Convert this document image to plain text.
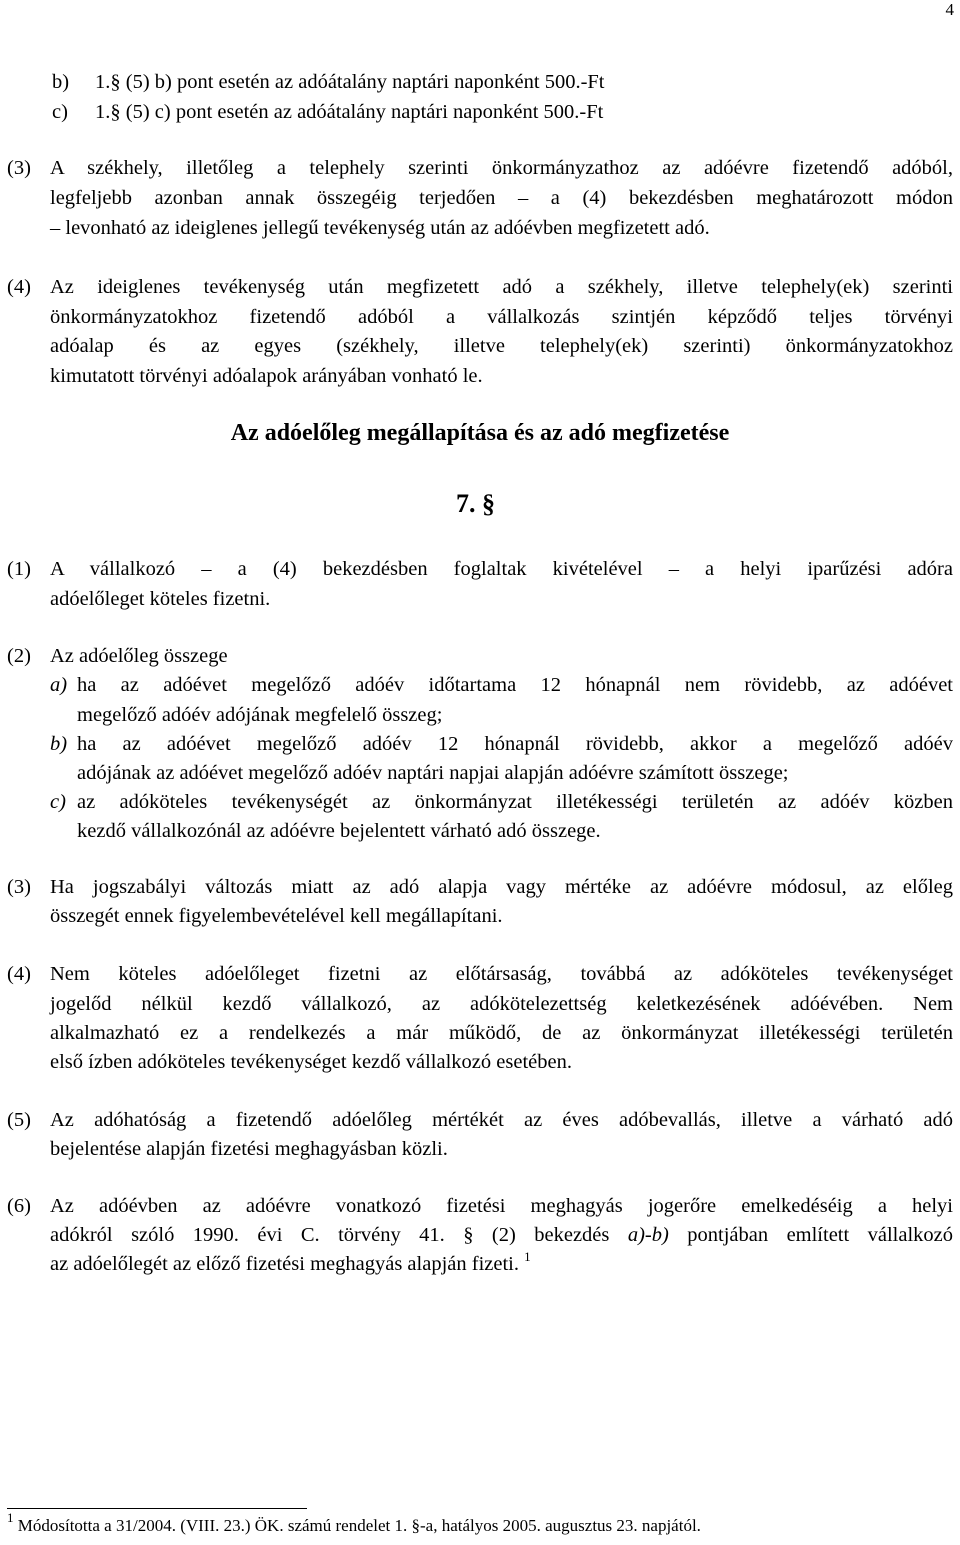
4
b) 1.§ (5) b) pont esetén az adóátalány naptári naponként 500.-Ft
c) 1.§ (5) c) pont esetén az adóátalány naptári naponként 500.-Ft
(3) A székhely, illetőleg a telephely szerinti önkormányzathoz az adóévre fizetendő adóból,
legfeljebb azonban annak összegéig terjedően – a (4) bekezdésben meghatározott módon
– levonható az ideiglenes jellegű tevékenység után az adóévben megfizetett adó.
(4) Az ideiglenes tevékenység után megfizetett adó a székhely, illetve telephely(ek) szerinti
önkormányzatokhoz fizetendő adóból a vállalkozás szintjén képződő teljes törvényi
adóalap és az egyes (székhely, illetve telephely(ek) szerinti) önkormányzatokhoz
kimutatott törvényi adóalapok arányában vonható le.
Az adóelőleg megállapítása és az adó megfizetése
7. §
(1) A vállalkozó – a (4) bekezdésben foglaltak kivételével – a helyi iparűzési adóra
adóelőleget köteles fizetni.
(2) Az adóelőleg összege
a) ha az adóévet megelőző adóév időtartama 12 hónapnál nem rövidebb, az adóévet
megelőző adóév adójának megfelelő összeg;
b) ha az adóévet megelőző adóév 12 hónapnál rövidebb, akkor a megelőző adóév
adójának az adóévet megelőző adóév naptári napjai alapján adóévre számított összege;
c) az adóköteles tevékenységét az önkormányzat illetékességi területén az adóév közben
kezdő vállalkozónál az adóévre bejelentett várható adó összege.
(3) Ha jogszabályi változás miatt az adó alapja vagy mértéke az adóévre módosul, az előleg
összegét ennek figyelembevételével kell megállapítani.
(4) Nem köteles adóelőleget fizetni az előtársaság, továbbá az adóköteles tevékenységet
jogelőd nélkül kezdő vállalkozó, az adókötelezettség keletkezésének adóévében. Nem
alkalmazható ez a rendelkezés a már működő, de az önkormányzat illetékességi területén
első ízben adóköteles tevékenységet kezdő vállalkozó esetében.
(5) Az adóhatóság a fizetendő adóelőleg mértékét az éves adóbevallás, illetve a várható adó
bejelentése alapján fizetési meghagyásban közli.
(6) Az adóévben az adóévre vonatkozó fizetési meghagyás jogerőre emelkedéséig a helyi
adókról szóló 1990. évi C. törvény 41. § (2) bekezdés a)-b) pontjában említett vállalkozó
az adóelőlegét az előző fizetési meghagyás alapján fizeti. $^1$
$^1$ Módosította a 31/2004. (VIII. 23.) ÖK. számú rendelet 1. §-a, hatályos 2005. augusztus 23. napjától.
